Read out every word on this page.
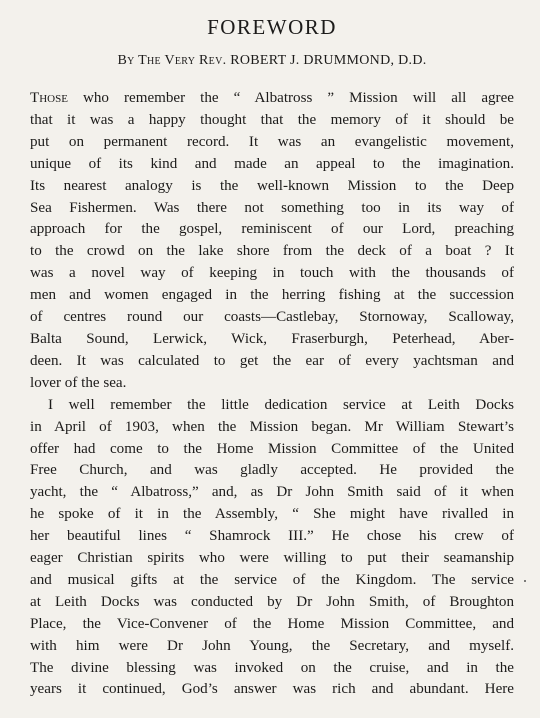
FOREWORD
By The Very Rev. ROBERT J. DRUMMOND, D.D.
Those who remember the “ Albatross ” Mission will all agree
that it was a happy thought that the memory of it should be
put on permanent record. It was an evangelistic movement,
unique of its kind and made an appeal to the imagination.
Its nearest analogy is the well-known Mission to the Deep
Sea Fishermen. Was there not something too in its way of
approach for the gospel, reminiscent of our Lord, preaching
to the crowd on the lake shore from the deck of a boat ? It
was a novel way of keeping in touch with the thousands of
men and women engaged in the herring fishing at the succession
of centres round our coasts—Castlebay, Stornoway, Scalloway,
Balta Sound, Lerwick, Wick, Fraserburgh, Peterhead, Aber-
deen. It was calculated to get the ear of every yachtsman and
lover of the sea.
I well remember the little dedication service at Leith Docks
in April of 1903, when the Mission began. Mr William Stewart’s
offer had come to the Home Mission Committee of the United
Free Church, and was gladly accepted. He provided the
yacht, the “ Albatross,” and, as Dr John Smith said of it when
he spoke of it in the Assembly, “ She might have rivalled in
her beautiful lines “ Shamrock III.” He chose his crew of
eager Christian spirits who were willing to put their seamanship
and musical gifts at the service of the Kingdom. The service
at Leith Docks was conducted by Dr John Smith, of Broughton
Place, the Vice-Convener of the Home Mission Committee, and
with him were Dr John Young, the Secretary, and myself.
The divine blessing was invoked on the cruise, and in the
years it continued, God’s answer was rich and abundant. Here
